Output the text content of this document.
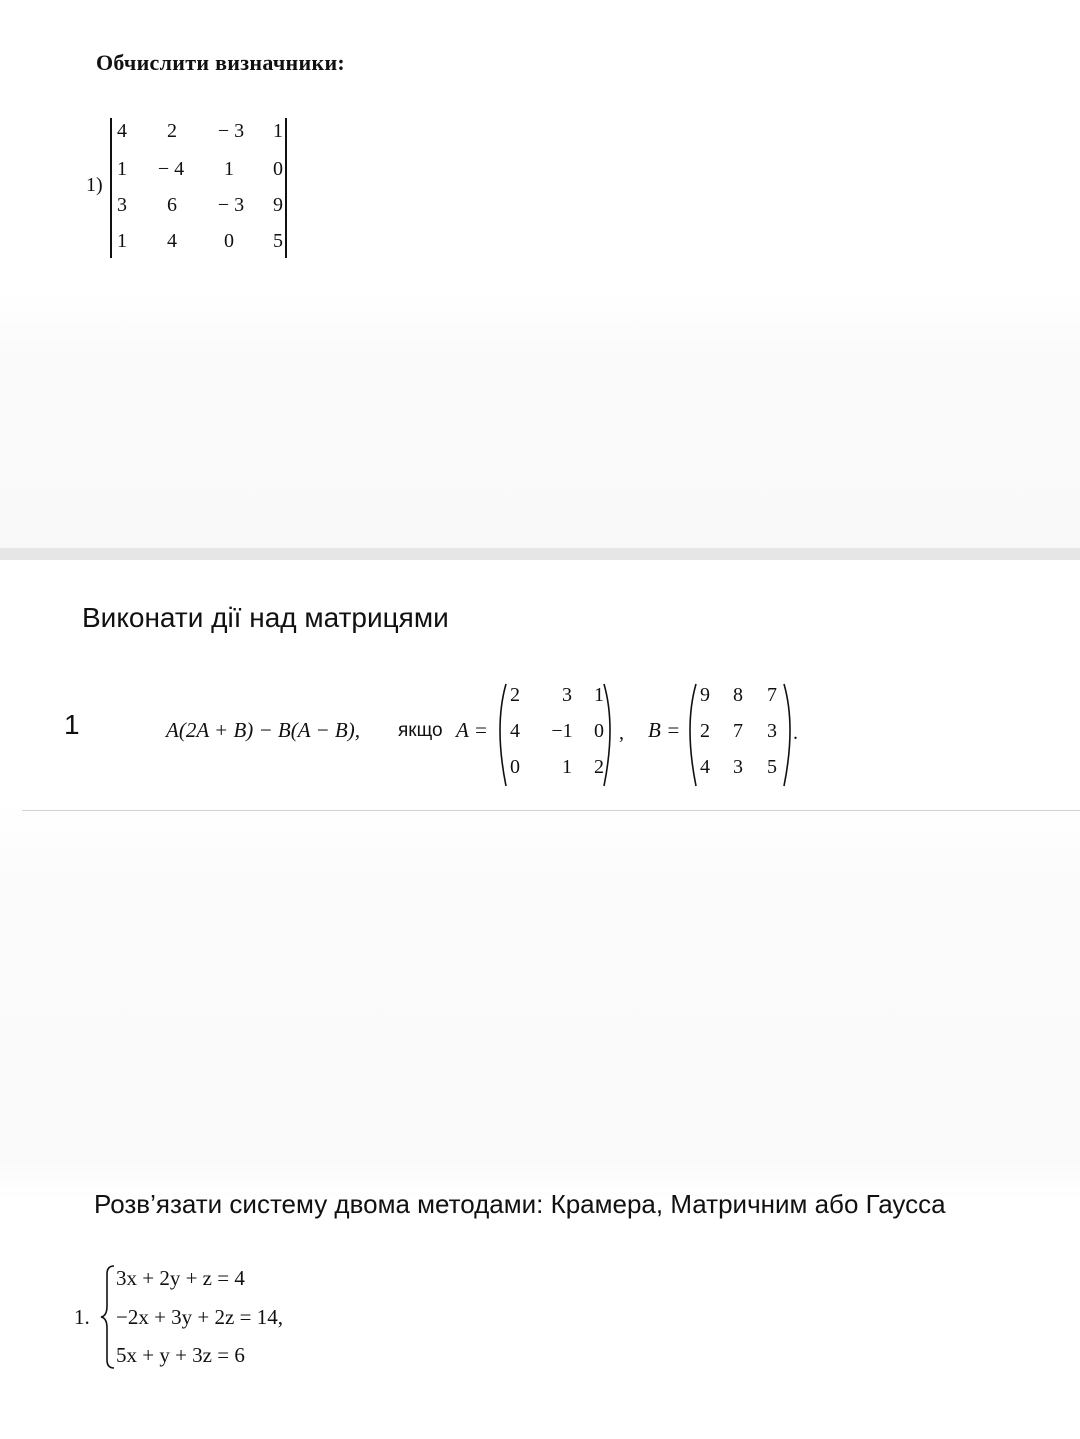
Обчислити визначники:
1)
4	2	− 3	1
1	− 4	1	0
3	6	− 3	9
1	4	0	5
Виконати дії над матрицями
1	A(2A + B) − B(A − B), якщо A =
2	3	1
4	−1	0
0	1	2
, B =
9	8	7
2	7	3
4	3	5
.
Розв’язати систему двома методами: Крамера, Матричним або Гаусса
1.
3x + 2y + z = 4
−2x + 3y + 2z = 14,
5x + y + 3z = 6
